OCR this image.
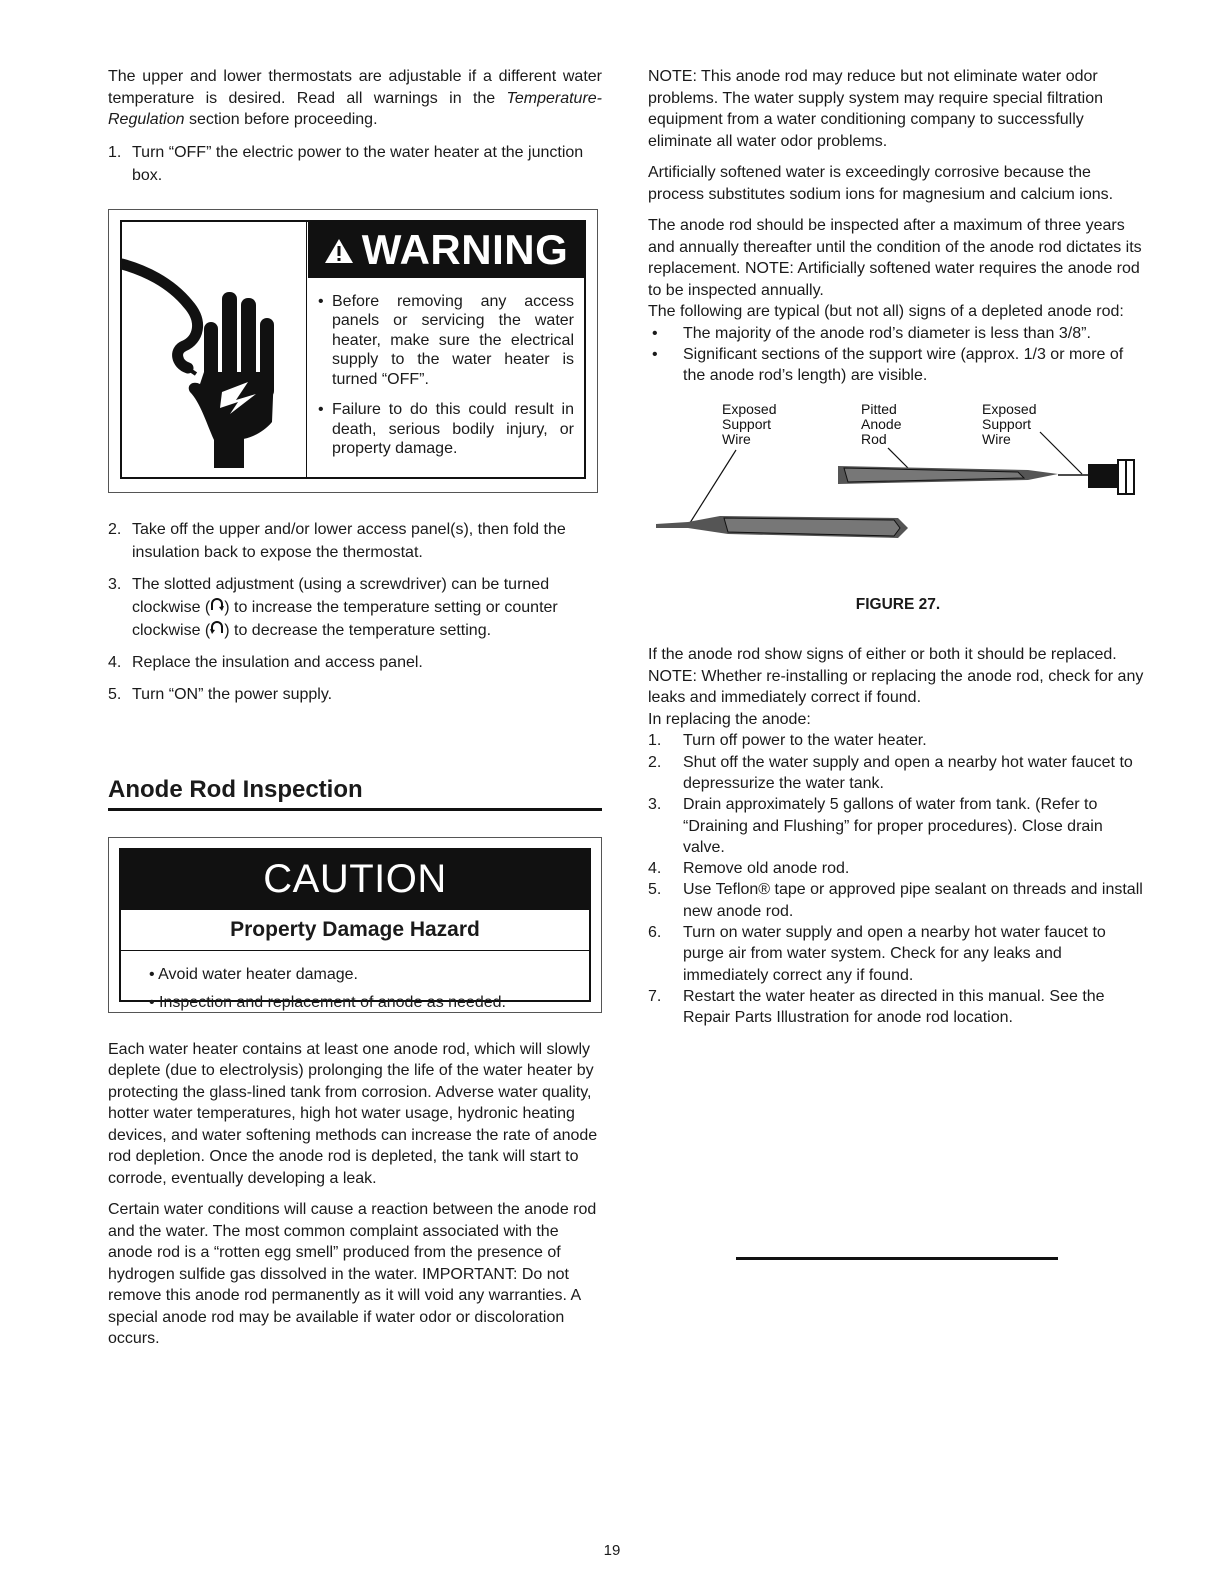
The upper and lower thermostats are adjustable if a different water temperature is desired. Read all warnings in the Temperature-Regulation section before proceeding.

1. Turn “OFF” the electric power to the water heater at the junction box.
WARNING
• Before removing any access panels or servicing the water heater, make sure the electrical supply to the water heater is turned “OFF”.
• Failure to do this could result in death, serious bodily injury, or property damage.
2. Take off the upper and/or lower access panel(s), then fold the insulation back to expose the thermostat.
3. The slotted adjustment (using a screwdriver) can be turned clockwise ( ) to increase the temperature setting or counter clockwise ( ) to decrease the temperature setting.
4. Replace the insulation and access panel.
5. Turn “ON” the power supply.
Anode Rod Inspection
CAUTION
Property Damage Hazard
• Avoid water heater damage.
• Inspection and replacement of anode as needed.

Each water heater contains at least one anode rod, which will slowly deplete (due to electrolysis) prolonging the life of the water heater by protecting the glass-lined tank from corrosion. Adverse water quality, hotter water temperatures, high hot water usage, hydronic heating devices, and water softening methods can increase the rate of anode rod depletion. Once the anode rod is depleted, the tank will start to corrode, eventually developing a leak.

Certain water conditions will cause a reaction between the anode rod and the water. The most common complaint associated with the anode rod is a “rotten egg smell” produced from the presence of hydrogen sulfide gas dissolved in the water. IMPORTANT: Do not remove this anode rod permanently as it will void any warranties. A special anode rod may be available if water odor or discoloration occurs.

NOTE: This anode rod may reduce but not eliminate water odor problems. The water supply system may require special filtration equipment from a water conditioning company to successfully eliminate all water odor problems.

Artificially softened water is exceedingly corrosive because the process substitutes sodium ions for magnesium and calcium ions.

The anode rod should be inspected after a maximum of three years and annually thereafter until the condition of the anode rod dictates its replacement. NOTE: Artificially softened water requires the anode rod to be inspected annually.

The following are typical (but not all) signs of a depleted anode rod:

• The majority of the anode rod’s diameter is less than 3/8”.
• Significant sections of the support wire (approx. 1/3 or more of the anode rod’s length) are visible.
Exposed
Support
Wire
Pitted
Anode
Rod
Exposed
Support
Wire
FIGURE 27.

If the anode rod show signs of either or both it should be replaced. NOTE: Whether re-installing or replacing the anode rod, check for any leaks and immediately correct if found.

In replacing the anode:

1. Turn off power to the water heater.
2. Shut off the water supply and open a nearby hot water faucet to depressurize the water tank.
3. Drain approximately 5 gallons of water from tank. (Refer to “Draining and Flushing” for proper procedures). Close drain valve.
4. Remove old anode rod.
5. Use Teflon® tape or approved pipe sealant on threads and install new anode rod.
6. Turn on water supply and open a nearby hot water faucet to purge air from water system. Check for any leaks and immediately correct any if found.
7. Restart the water heater as directed in this manual. See the Repair Parts Illustration for anode rod location.
19
